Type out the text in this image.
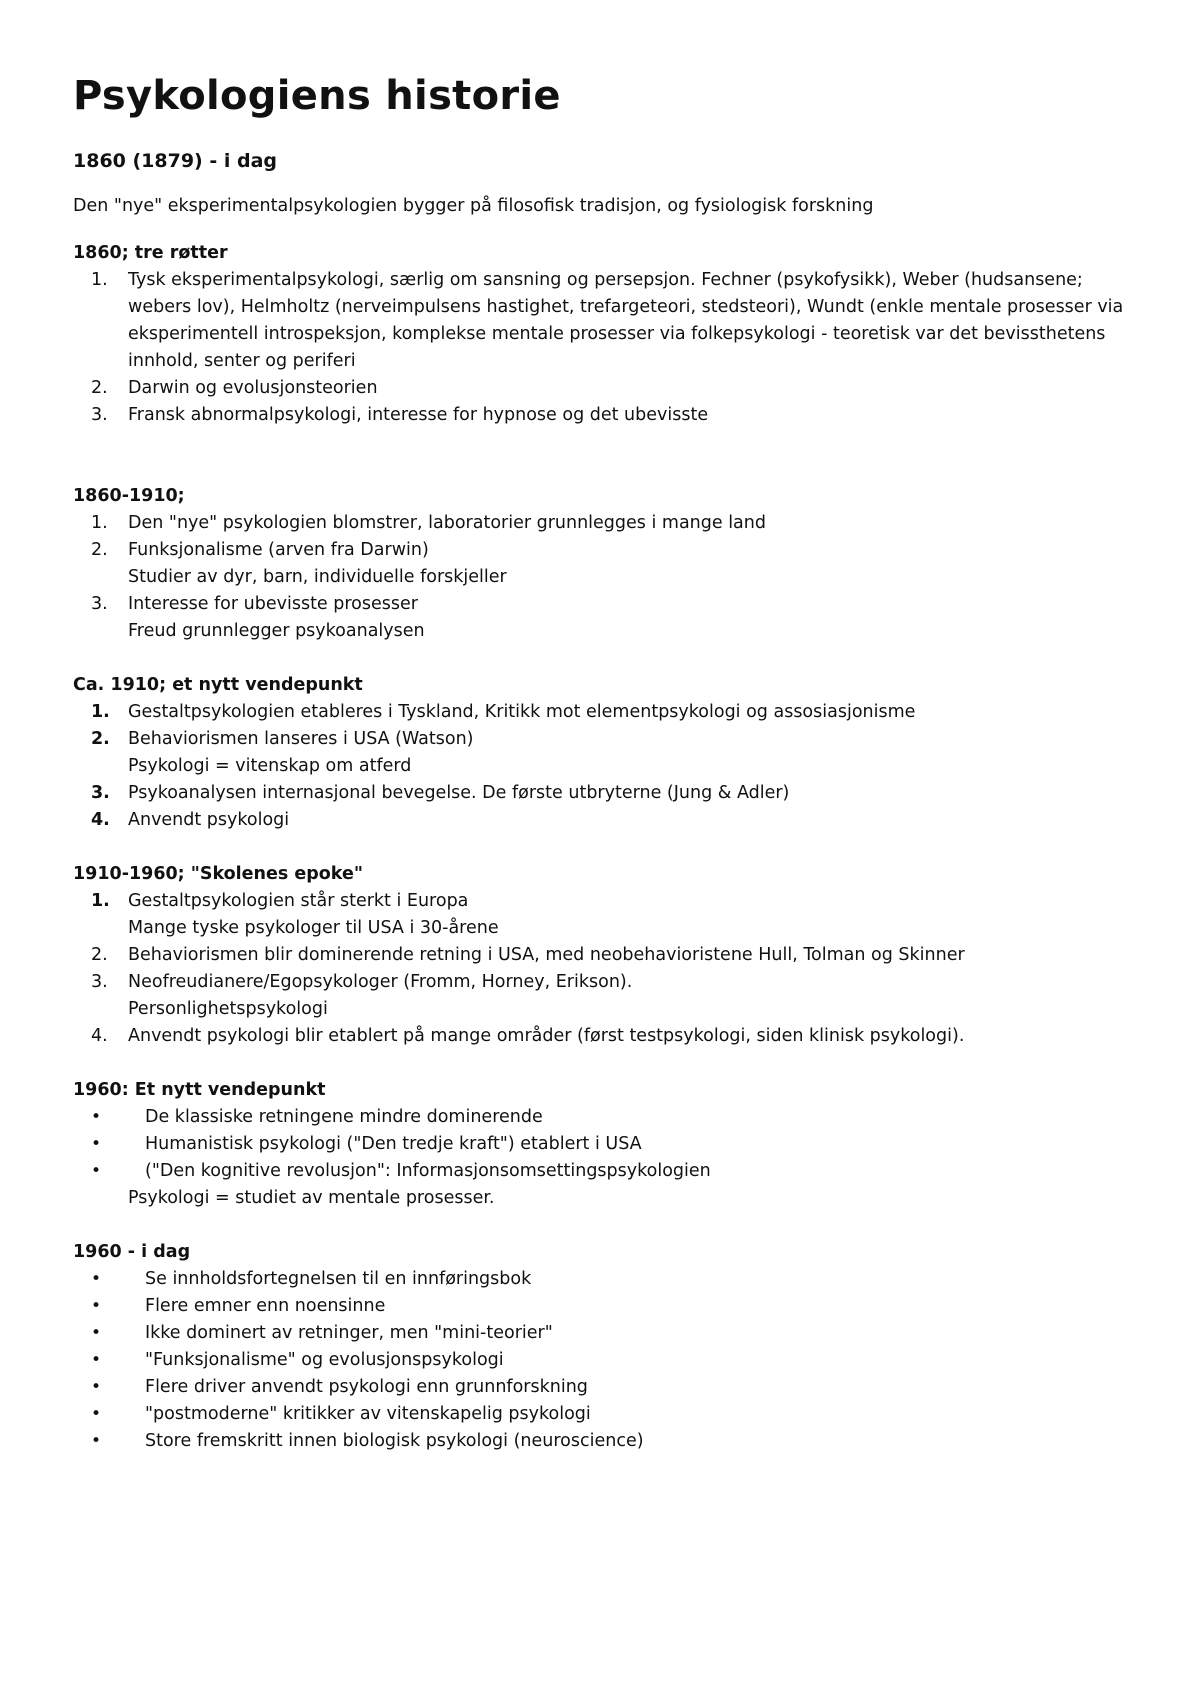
Psykologiens historie
1860 (1879) - i dag

Den "nye" eksperimentalpsykologien bygger på filosofisk tradisjon, og fysiologisk forskning

1860; tre røtter

1.	Tysk eksperimentalpsykologi, særlig om sansning og persepsjon. Fechner (psykofysikk), Weber (hudsansene; webers lov), Helmholtz (nerveimpulsens hastighet, trefargeteori, stedsteori), Wundt (enkle mentale prosesser via eksperimentell introspeksjon, komplekse mentale prosesser via folkepsykologi - teoretisk var det bevissthetens innhold, senter og periferi
2.	Darwin og evolusjonsteorien
3.	Fransk abnormalpsykologi, interesse for hypnose og det ubevisste

1860-1910;

1.	Den "nye" psykologien blomstrer, laboratorier grunnlegges i mange land
2.	Funksjonalisme (arven fra Darwin)

Studier av dyr, barn, individuelle forskjeller

3.	Interesse for ubevisste prosesser

Freud grunnlegger psykoanalysen

Ca. 1910; et nytt vendepunkt

1.	Gestaltpsykologien etableres i Tyskland, Kritikk mot elementpsykologi og assosiasjonisme
2.	Behaviorismen lanseres i USA (Watson)

Psykologi = vitenskap om atferd

3.	Psykoanalysen internasjonal bevegelse. De første utbryterne (Jung & Adler)
4.	Anvendt psykologi

1910-1960; "Skolenes epoke"

1.	Gestaltpsykologien står sterkt i Europa

Mange tyske psykologer til USA i 30-årene

2.	Behaviorismen blir dominerende retning i USA, med neobehavioristene Hull, Tolman og Skinner
3.	Neofreudianere/Egopsykologer (Fromm, Horney, Erikson).

Personlighetspsykologi

4.	Anvendt psykologi blir etablert på mange områder (først testpsykologi, siden klinisk psykologi).

1960: Et nytt vendepunkt

•	De klassiske retningene mindre dominerende
•	Humanistisk psykologi ("Den tredje kraft") etablert i USA
•	("Den kognitive revolusjon": Informasjonsomsettingspsykologien

Psykologi = studiet av mentale prosesser.

1960 - i dag

•	Se innholdsfortegnelsen til en innføringsbok
•	Flere emner enn noensinne
•	Ikke dominert av retninger, men "mini-teorier"
•	"Funksjonalisme" og evolusjonspsykologi
•	Flere driver anvendt psykologi enn grunnforskning
•	"postmoderne" kritikker av vitenskapelig psykologi
•	Store fremskritt innen biologisk psykologi (neuroscience)
